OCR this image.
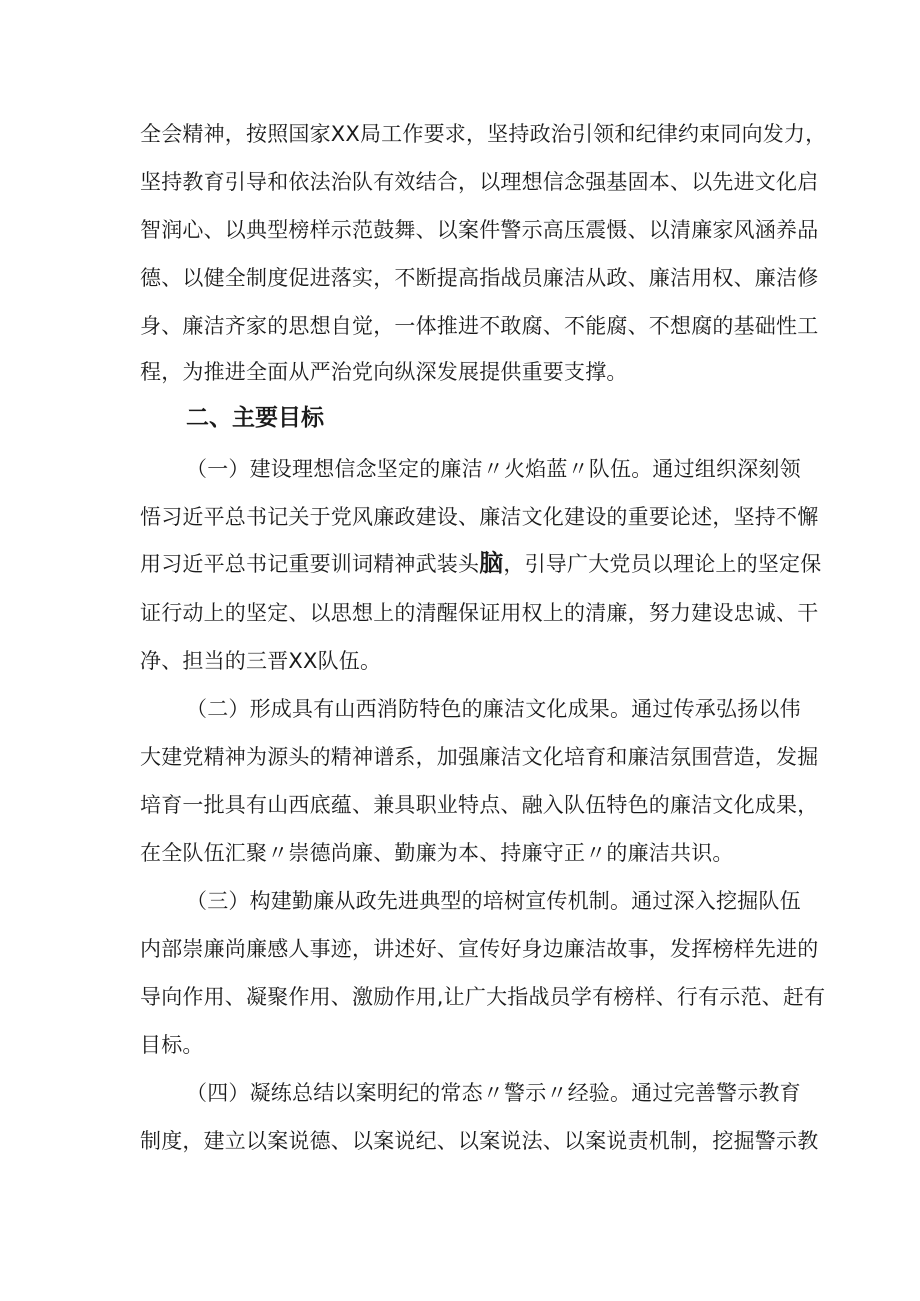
全会精神，按照国家XX局工作要求，坚持政治引领和纪律约束同向发力，
坚持教育引导和依法治队有效结合，以理想信念强基固本、以先进文化启
智润心、以典型榜样示范鼓舞、以案件警示高压震慑、以清廉家风涵养品
德、以健全制度促进落实，不断提高指战员廉洁从政、廉洁用权、廉洁修
身、廉洁齐家的思想自觉，一体推进不敢腐、不能腐、不想腐的基础性工
程，为推进全面从严治党向纵深发展提供重要支撑。
二、主要目标
（一）建设理想信念坚定的廉洁〃火焰蓝〃队伍。通过组织深刻领
悟习近平总书记关于党风廉政建设、廉洁文化建设的重要论述，坚持不懈
用习近平总书记重要训词精神武装头 脑 ，引导广大党员以理论上的坚定保
证行动上的坚定、以思想上的清醒保证用权上的清廉，努力建设忠诚、干
净、担当的三晋XX队伍。
（二）形成具有山西消防特色的廉洁文化成果。通过传承弘扬以伟
大建党精神为源头的精神谱系，加强廉洁文化培育和廉洁氛围营造，发掘
培育一批具有山西底蕴、兼具职业特点、融入队伍特色的廉洁文化成果，
在全队伍汇聚〃崇德尚廉、勤廉为本、持廉守正〃的廉洁共识。
（三）构建勤廉从政先进典型的培树宣传机制。通过深入挖掘队伍
内部崇廉尚廉感人事迹，讲述好、宣传好身边廉洁故事，发挥榜样先进的
导向作用、凝聚作用、激励作用,让广大指战员学有榜样、行有示范、赶有
目标。
（四）凝练总结以案明纪的常态〃警示〃经验。通过完善警示教育
制度，建立以案说德、以案说纪、以案说法、以案说责机制，挖掘警示教
